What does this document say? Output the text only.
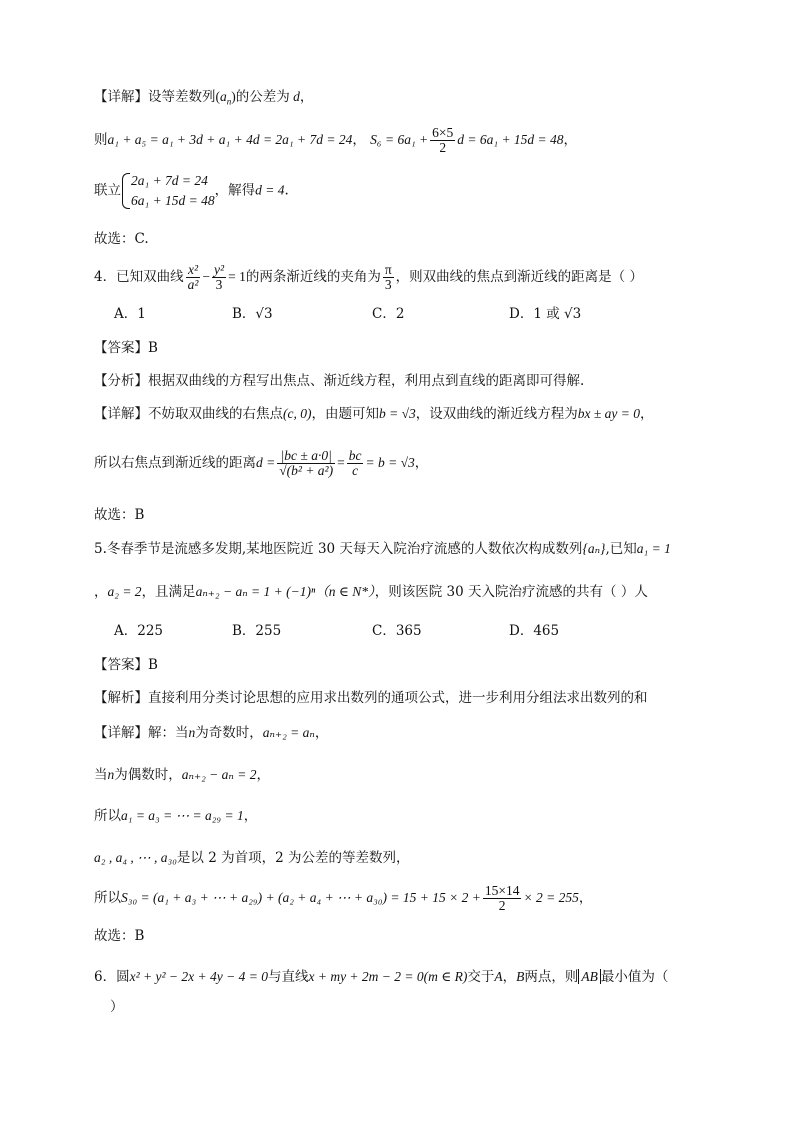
【详解】设等差数列$(a_n)$的公差为 d，
则a₁ + a₅ = a₁ + 3d + a₁ + 4d = 2a₁ + 7d = 24， $S_6 = 6a_1 + \frac{6\times 5}{2}$ d = 6a₁ + 15d = 48，
联立
2a₁ + 7d = 24
6a₁ + 15d = 48
，解得d = 4.
故选：C.
4．已知双曲线 $\frac{\text{x²}}{\text{a²}} - \frac{\text{y²}}{3} = 1$的两条渐近线的夹角为 $\frac{\pi}{3}$ ，则双曲线的焦点到渐近线的距离是（ ）
A．1	B．√3	C．2	D．1 或 √3
【答案】B
【分析】根据双曲线的方程写出焦点、渐近线方程，利用点到直线的距离即可得解.
【详解】不妨取双曲线的右焦点(c, 0)，由题可知b = √3，设双曲线的渐近线方程为bx ± ay = 0，
所以右焦点到渐近线的距离$d = \frac{|bc \pm a\cdot 0|}{\text{√(b² + a²)}} = \frac{bc}{c} = b = √3$，
故选：B
5.冬春季节是流感多发期,某地医院近 30 天每天入院治疗流感的人数依次构成数列{aₙ},已知a₁ = 1
，a₂ = 2，且满足aₙ₊₂ − aₙ = 1 + (−1)ⁿ（n ∈ N*），则该医院 30 天入院治疗流感的共有（ ）人
A．225	B．255	C．365	D．465
【答案】B
【解析】直接利用分类讨论思想的应用求出数列的通项公式，进一步利用分组法求出数列的和
【详解】解：当n为奇数时，aₙ₊₂ = aₙ，
当n为偶数时，aₙ₊₂ − aₙ = 2，
所以a₁ = a₃ = ⋯ = a₂₉ = 1，
a₂ , a₄ , ⋯ , a₃₀是以 2 为首项，2 为公差的等差数列，
所以S₃₀ = (a₁ + a₃ + ⋯ + a₂₉) + (a₂ + a₄ + ⋯ + $a_{30}) = 15 + 15 \times 2 + \frac{15\times 14}{2} \times 2 = 255$，
故选：B
6．圆x² + y² − 2x + 4y − 4 = 0与直线x + my + 2m − 2 = 0(m ∈ R)交于A，B两点，则 AB 最小值为（
）
